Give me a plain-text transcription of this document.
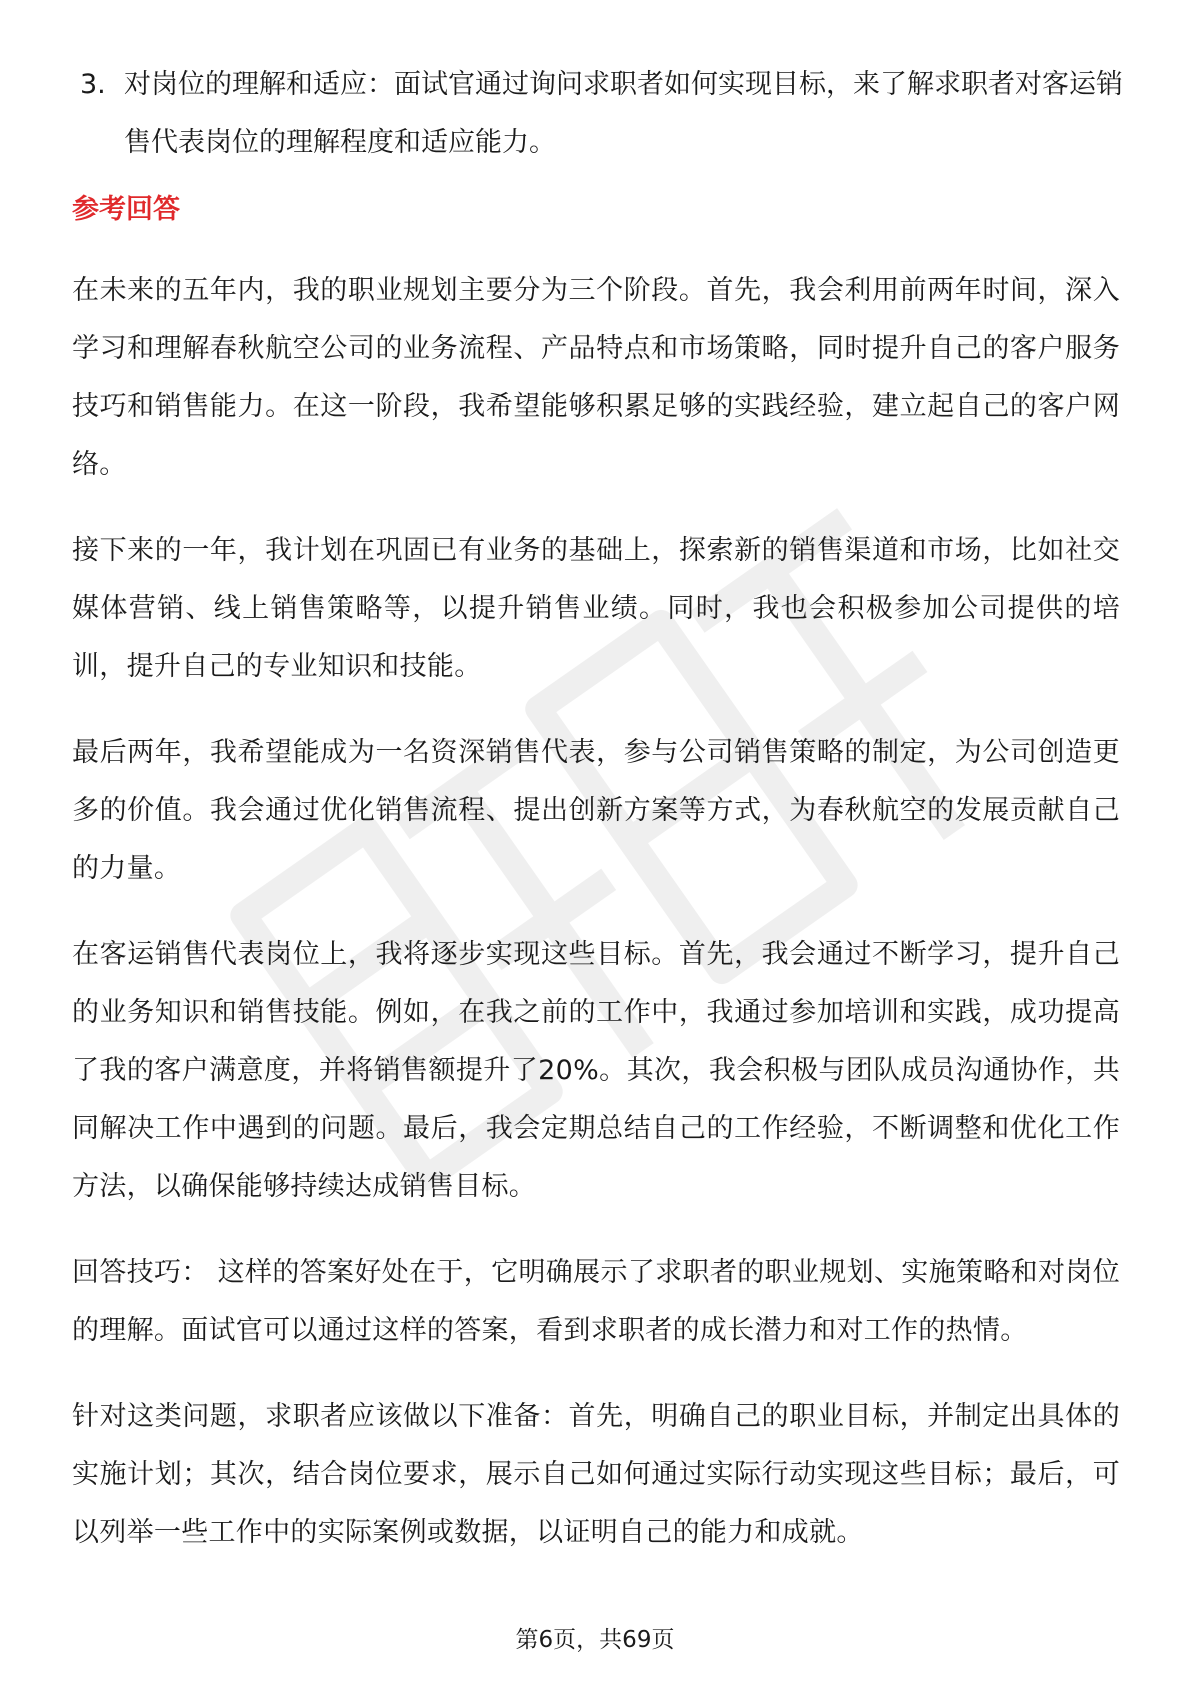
3. 对岗位的理解和适应：面试官通过询问求职者如何实现目标，来了解求职者对客运销售代表岗位的理解程度和适应能力。
参考回答

在未来的五年内，我的职业规划主要分为三个阶段。首先，我会利用前两年时间，深入学习和理解春秋航空公司的业务流程、产品特点和市场策略，同时提升自己的客户服务技巧和销售能力。在这一阶段，我希望能够积累足够的实践经验，建立起自己的客户网络。

接下来的一年，我计划在巩固已有业务的基础上，探索新的销售渠道和市场，比如社交媒体营销、线上销售策略等，以提升销售业绩。同时，我也会积极参加公司提供的培训，提升自己的专业知识和技能。

最后两年，我希望能成为一名资深销售代表，参与公司销售策略的制定，为公司创造更多的价值。我会通过优化销售流程、提出创新方案等方式，为春秋航空的发展贡献自己的力量。

在客运销售代表岗位上，我将逐步实现这些目标。首先，我会通过不断学习，提升自己的业务知识和销售技能。例如，在我之前的工作中，我通过参加培训和实践，成功提高了我的客户满意度，并将销售额提升了20%。其次，我会积极与团队成员沟通协作，共同解决工作中遇到的问题。最后，我会定期总结自己的工作经验，不断调整和优化工作方法，以确保能够持续达成销售目标。

回答技巧： 这样的答案好处在于，它明确展示了求职者的职业规划、实施策略和对岗位的理解。面试官可以通过这样的答案，看到求职者的成长潜力和对工作的热情。

针对这类问题，求职者应该做以下准备：首先，明确自己的职业目标，并制定出具体的实施计划；其次，结合岗位要求，展示自己如何通过实际行动实现这些目标；最后，可以列举一些工作中的实际案例或数据，以证明自己的能力和成就。

第6页，共69页
